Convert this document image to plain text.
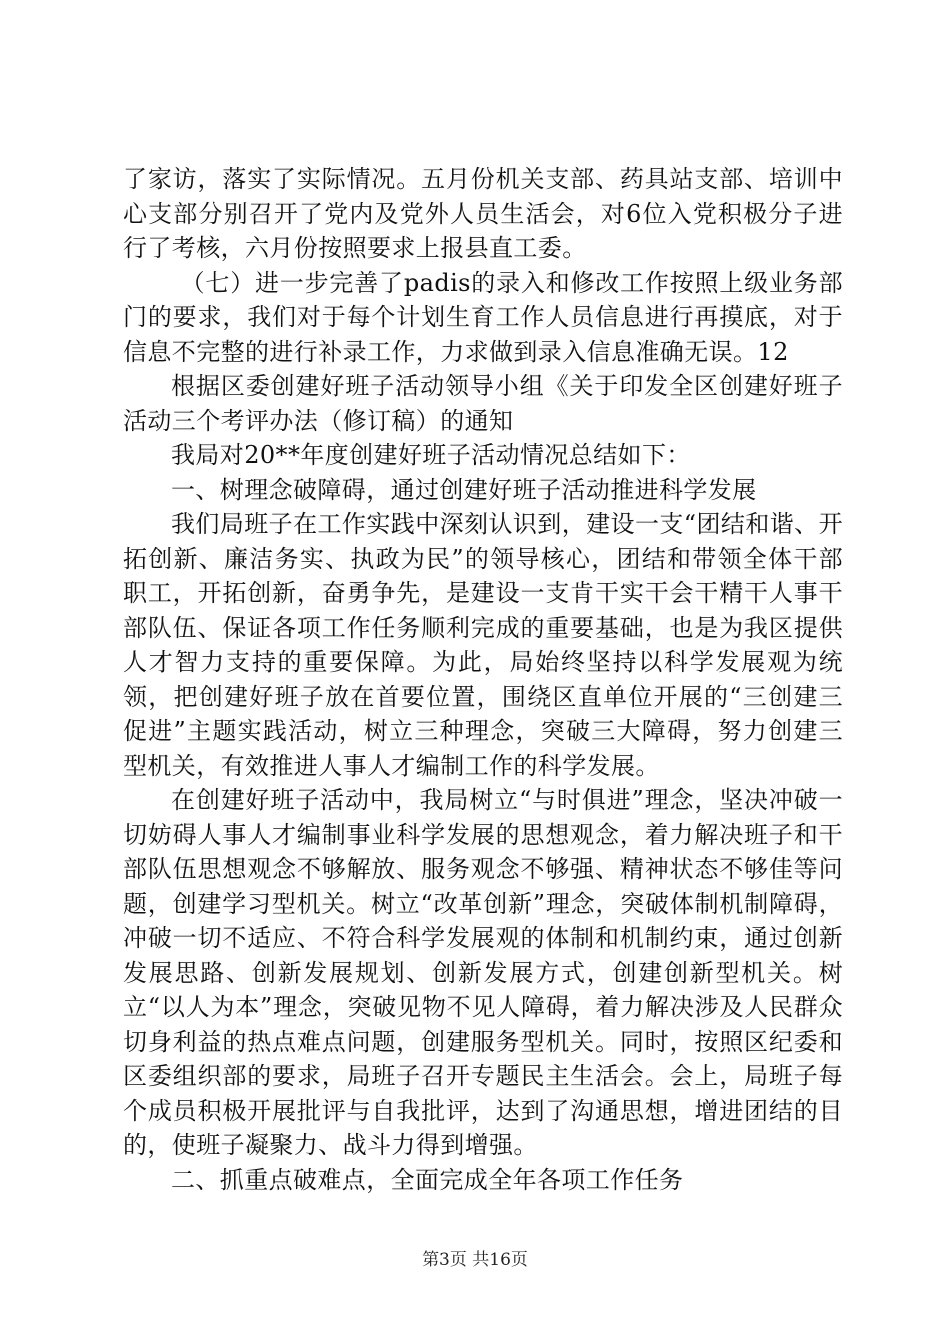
了家访，落实了实际情况。五月份机关支部、药具站支部、培训中心支部分别召开了党内及党外人员生活会，对6位入党积极分子进行了考核，六月份按照要求上报县直工委。

（七）进一步完善了padis的录入和修改工作按照上级业务部门的要求，我们对于每个计划生育工作人员信息进行再摸底，对于信息不完整的进行补录工作，力求做到录入信息准确无误。12

根据区委创建好班子活动领导小组《关于印发全区创建好班子活动三个考评办法（修订稿）的通知

我局对20**年度创建好班子活动情况总结如下：

一、树理念破障碍，通过创建好班子活动推进科学发展

我们局班子在工作实践中深刻认识到，建设一支“团结和谐、开拓创新、廉洁务实、执政为民”的领导核心，团结和带领全体干部职工，开拓创新，奋勇争先，是建设一支肯干实干会干精干人事干部队伍、保证各项工作任务顺利完成的重要基础，也是为我区提供人才智力支持的重要保障。为此，局始终坚持以科学发展观为统领，把创建好班子放在首要位置，围绕区直单位开展的“三创建三促进”主题实践活动，树立三种理念，突破三大障碍，努力创建三型机关，有效推进人事人才编制工作的科学发展。

在创建好班子活动中，我局树立“与时俱进”理念，坚决冲破一切妨碍人事人才编制事业科学发展的思想观念，着力解决班子和干部队伍思想观念不够解放、服务观念不够强、精神状态不够佳等问题，创建学习型机关。树立“改革创新”理念，突破体制机制障碍，冲破一切不适应、不符合科学发展观的体制和机制约束，通过创新发展思路、创新发展规划、创新发展方式，创建创新型机关。树立“以人为本”理念，突破见物不见人障碍，着力解决涉及人民群众切身利益的热点难点问题，创建服务型机关。同时，按照区纪委和区委组织部的要求，局班子召开专题民主生活会。会上，局班子每个成员积极开展批评与自我批评，达到了沟通思想，增进团结的目的，使班子凝聚力、战斗力得到增强。

二、抓重点破难点，全面完成全年各项工作任务

第3页 共16页
